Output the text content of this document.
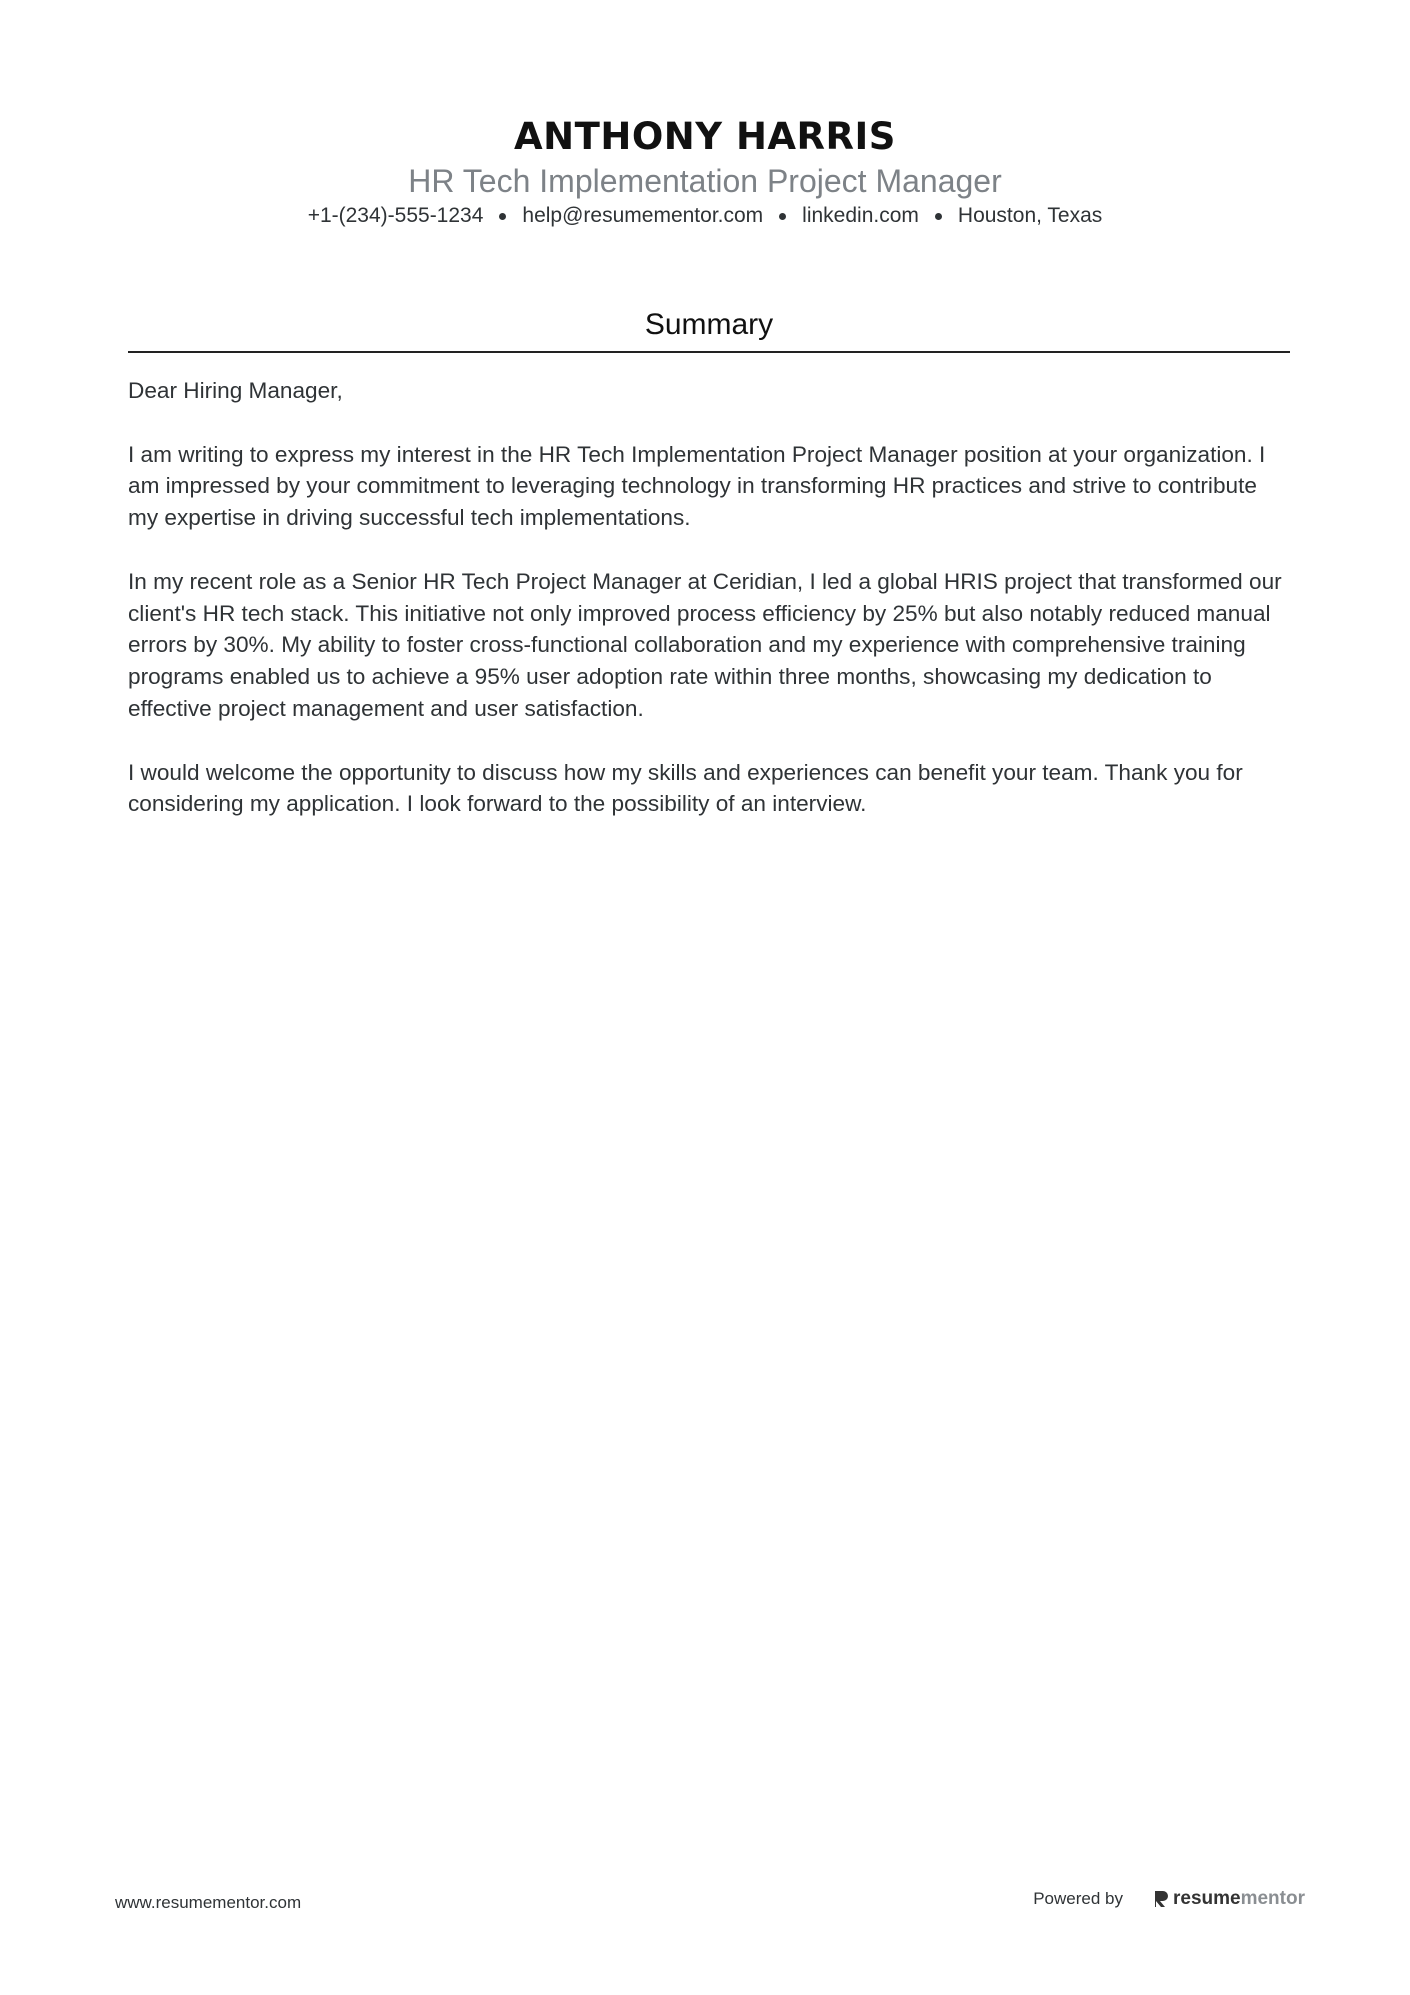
ANTHONY HARRIS
HR Tech Implementation Project Manager
+1-(234)-555-1234 help@resumementor.com linkedin.com Houston, Texas
Summary

Dear Hiring Manager,

I am writing to express my interest in the HR Tech Implementation Project Manager position at your organization. I am impressed by your commitment to leveraging technology in transforming HR practices and strive to contribute my expertise in driving successful tech implementations.

In my recent role as a Senior HR Tech Project Manager at Ceridian, I led a global HRIS project that transformed our client's HR tech stack. This initiative not only improved process efficiency by 25% but also notably reduced manual errors by 30%. My ability to foster cross-functional collaboration and my experience with comprehensive training programs enabled us to achieve a 95% user adoption rate within three months, showcasing my dedication to effective project management and user satisfaction.

I would welcome the opportunity to discuss how my skills and experiences can benefit your team. Thank you for considering my application. I look forward to the possibility of an interview.

www.resumementor.com	Powered by	resume mentor
